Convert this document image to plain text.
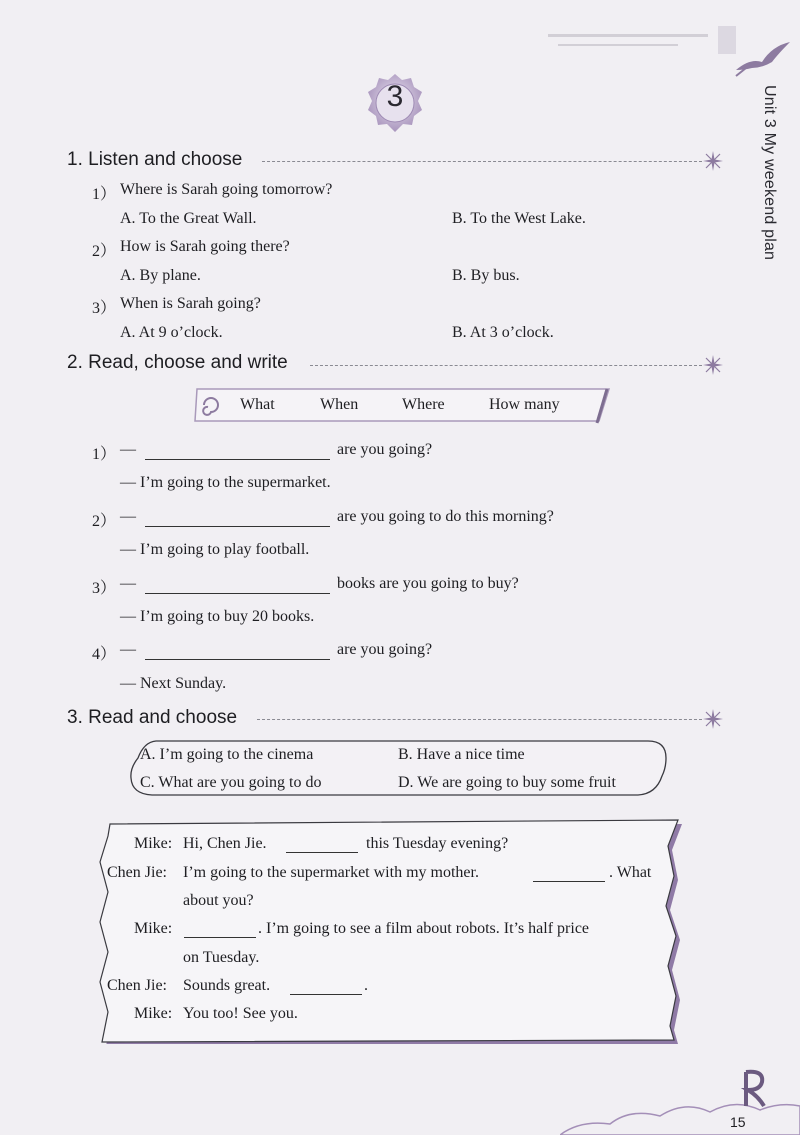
Unit 3 My weekend plan
3
1. Listen and choose
1） Where is Sarah going tomorrow?
A. To the Great Wall.	B. To the West Lake.
2） How is Sarah going there?
A. By plane.	B. By bus.
3） When is Sarah going?
A. At 9 o’clock.	B. At 3 o’clock.
2. Read, choose and write
What	When	Where	How many
1） —	are you going?
— I’m going to the supermarket.
2） —	are you going to do this morning?
— I’m going to play football.
3） —	books are you going to buy?
— I’m going to buy 20 books.
4） —	are you going?
— Next Sunday.
3. Read and choose
A. I’m going to the cinema	B. Have a nice time
C. What are you going to do	D. We are going to buy some fruit
Mike: Hi, Chen Jie.	this Tuesday evening?
Chen Jie: I’m going to the supermarket with my mother.	. What
about you?
Mike:	. I’m going to see a film about robots. It’s half price
on Tuesday.
Chen Jie: Sounds great.	.
Mike: You too! See you.
15
